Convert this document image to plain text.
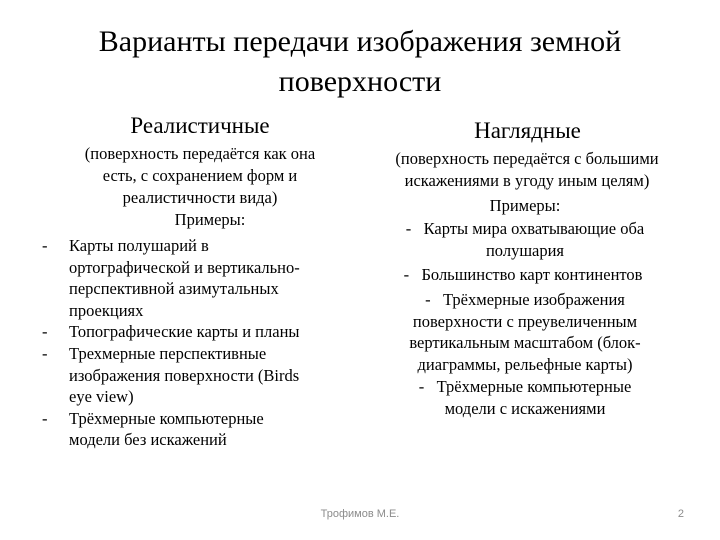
Варианты передачи изображения земной
поверхности
Реалистичные
(поверхность передаётся как она
есть, с сохранением форм и
реалистичности вида)
Примеры:
- Карты полушарий в
ортографической и вертикально-
перспективной азимутальных
проекциях
- Топографические карты и планы
- Трехмерные перспективные
изображения поверхности (Birds
eye view)
- Трёхмерные компьютерные
модели без искажений
Наглядные
(поверхность передаётся с большими
искажениями в угоду иным целям)
Примеры:
- Карты мира охватывающие оба
полушария
- Большинство карт континентов
- Трёхмерные изображения
поверхности с преувеличенным
вертикальным масштабом (блок-
диаграммы, рельефные карты)
- Трёхмерные компьютерные
модели с искажениями
Трофимов М.Е.	2
